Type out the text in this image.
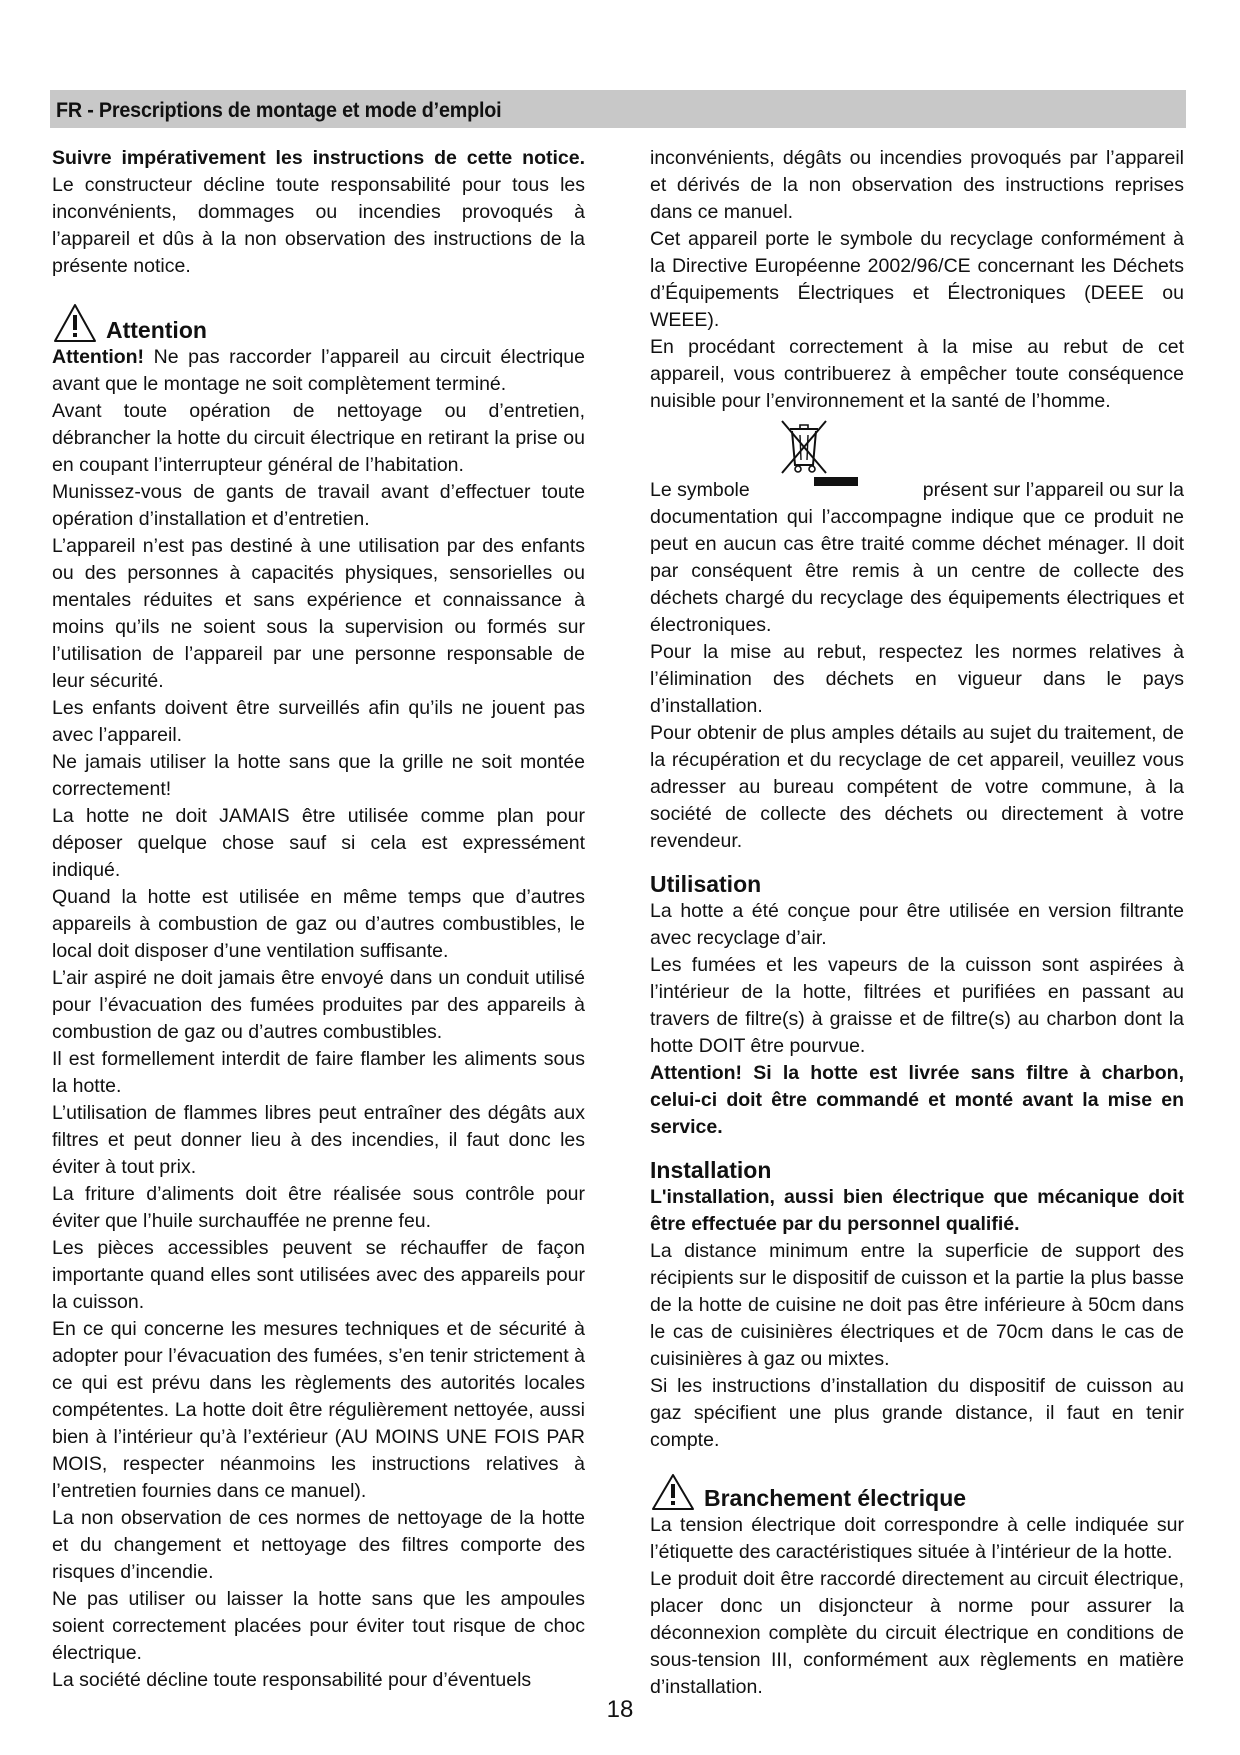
FR - Prescriptions de montage et mode d’emploi

Suivre impérativement les instructions de cette notice. Le constructeur décline toute responsabilité pour tous les inconvénients, dommages ou incendies provoqués à l’appareil et dûs à la non observation des instructions de la présente notice.

Attention

Attention! Ne pas raccorder l’appareil au circuit électrique avant que le montage ne soit complètement terminé.

Avant toute opération de nettoyage ou d’entretien, débrancher la hotte du circuit électrique en retirant la prise ou en coupant l’interrupteur général de l’habitation.

Munissez-vous de gants de travail avant d’effectuer toute opération d’installation et d’entretien.

L’appareil n’est pas destiné à une utilisation par des enfants ou des personnes à capacités physiques, sensorielles ou mentales réduites et sans expérience et connaissance à moins qu’ils ne soient sous la supervision ou formés sur l’utilisation de l’appareil par une personne responsable de leur sécurité.

Les enfants doivent être surveillés afin qu’ils ne jouent pas avec l’appareil.

Ne jamais utiliser la hotte sans que la grille ne soit montée correctement!

La hotte ne doit JAMAIS être utilisée comme plan pour déposer quelque chose sauf si cela est expressément indiqué.

Quand la hotte est utilisée en même temps que d’autres appareils à combustion de gaz ou d’autres combustibles, le local doit disposer d’une ventilation suffisante.

L’air aspiré ne doit jamais être envoyé dans un conduit utilisé pour l’évacuation des fumées produites par des appareils à combustion de gaz ou d’autres combustibles.

Il est formellement interdit de faire flamber les aliments sous la hotte.

L’utilisation de flammes libres peut entraîner des dégâts aux filtres et peut donner lieu à des incendies, il faut donc les éviter à tout prix.

La friture d’aliments doit être réalisée sous contrôle pour éviter que l’huile surchauffée ne prenne feu.

Les pièces accessibles peuvent se réchauffer de façon importante quand elles sont utilisées avec des appareils pour la cuisson.

En ce qui concerne les mesures techniques et de sécurité à adopter pour l’évacuation des fumées, s’en tenir strictement à ce qui est prévu dans les règlements des autorités locales compétentes. La hotte doit être régulièrement nettoyée, aussi bien à l’intérieur qu’à l’extérieur (AU MOINS UNE FOIS PAR MOIS, respecter néanmoins les instructions relatives à l’entretien fournies dans ce manuel).

La non observation de ces normes de nettoyage de la hotte et du changement et nettoyage des filtres comporte des risques d’incendie.

Ne pas utiliser ou laisser la hotte sans que les ampoules soient correctement placées pour éviter tout risque de choc électrique.

La société décline toute responsabilité pour d’éventuels

inconvénients, dégâts ou incendies provoqués par l’appareil et dérivés de la non observation des instructions reprises dans ce manuel.

Cet appareil porte le symbole du recyclage conformément à la Directive Européenne 2002/96/CE concernant les Déchets d’Équipements Électriques et Électroniques (DEEE ou WEEE).

En procédant correctement à la mise au rebut de cet appareil, vous contribuerez à empêcher toute conséquence nuisible pour l’environnement et la santé de l’homme.

Le symbole	présent sur l’appareil ou sur la

documentation qui l’accompagne indique que ce produit ne peut en aucun cas être traité comme déchet ménager. Il doit par conséquent être remis à un centre de collecte des déchets chargé du recyclage des équipements électriques et électroniques.

Pour la mise au rebut, respectez les normes relatives à l’élimination des déchets en vigueur dans le pays d’installation.

Pour obtenir de plus amples détails au sujet du traitement, de la récupération et du recyclage de cet appareil, veuillez vous adresser au bureau compétent de votre commune, à la société de collecte des déchets ou directement à votre revendeur.

Utilisation

La hotte a été conçue pour être utilisée en version filtrante avec recyclage d’air.

Les fumées et les vapeurs de la cuisson sont aspirées à l’intérieur de la hotte, filtrées et purifiées en passant au travers de filtre(s) à graisse et de filtre(s) au charbon dont la hotte DOIT être pourvue.

Attention! Si la hotte est livrée sans filtre à charbon, celui-ci doit être commandé et monté avant la mise en service.

Installation

L'installation, aussi bien électrique que mécanique doit être effectuée par du personnel qualifié.

La distance minimum entre la superficie de support des récipients sur le dispositif de cuisson et la partie la plus basse de la hotte de cuisine ne doit pas être inférieure à 50cm dans le cas de cuisinières électriques et de 70cm dans le cas de cuisinières à gaz ou mixtes.

Si les instructions d’installation du dispositif de cuisson au gaz spécifient une plus grande distance, il faut en tenir compte.

Branchement électrique

La tension électrique doit correspondre à celle indiquée sur l’étiquette des caractéristiques située à l’intérieur de la hotte.

Le produit doit être raccordé directement au circuit électrique, placer donc un disjoncteur à norme pour assurer la déconnexion complète du circuit électrique en conditions de sous-tension III, conformément aux règlements en matière d’installation.

18
